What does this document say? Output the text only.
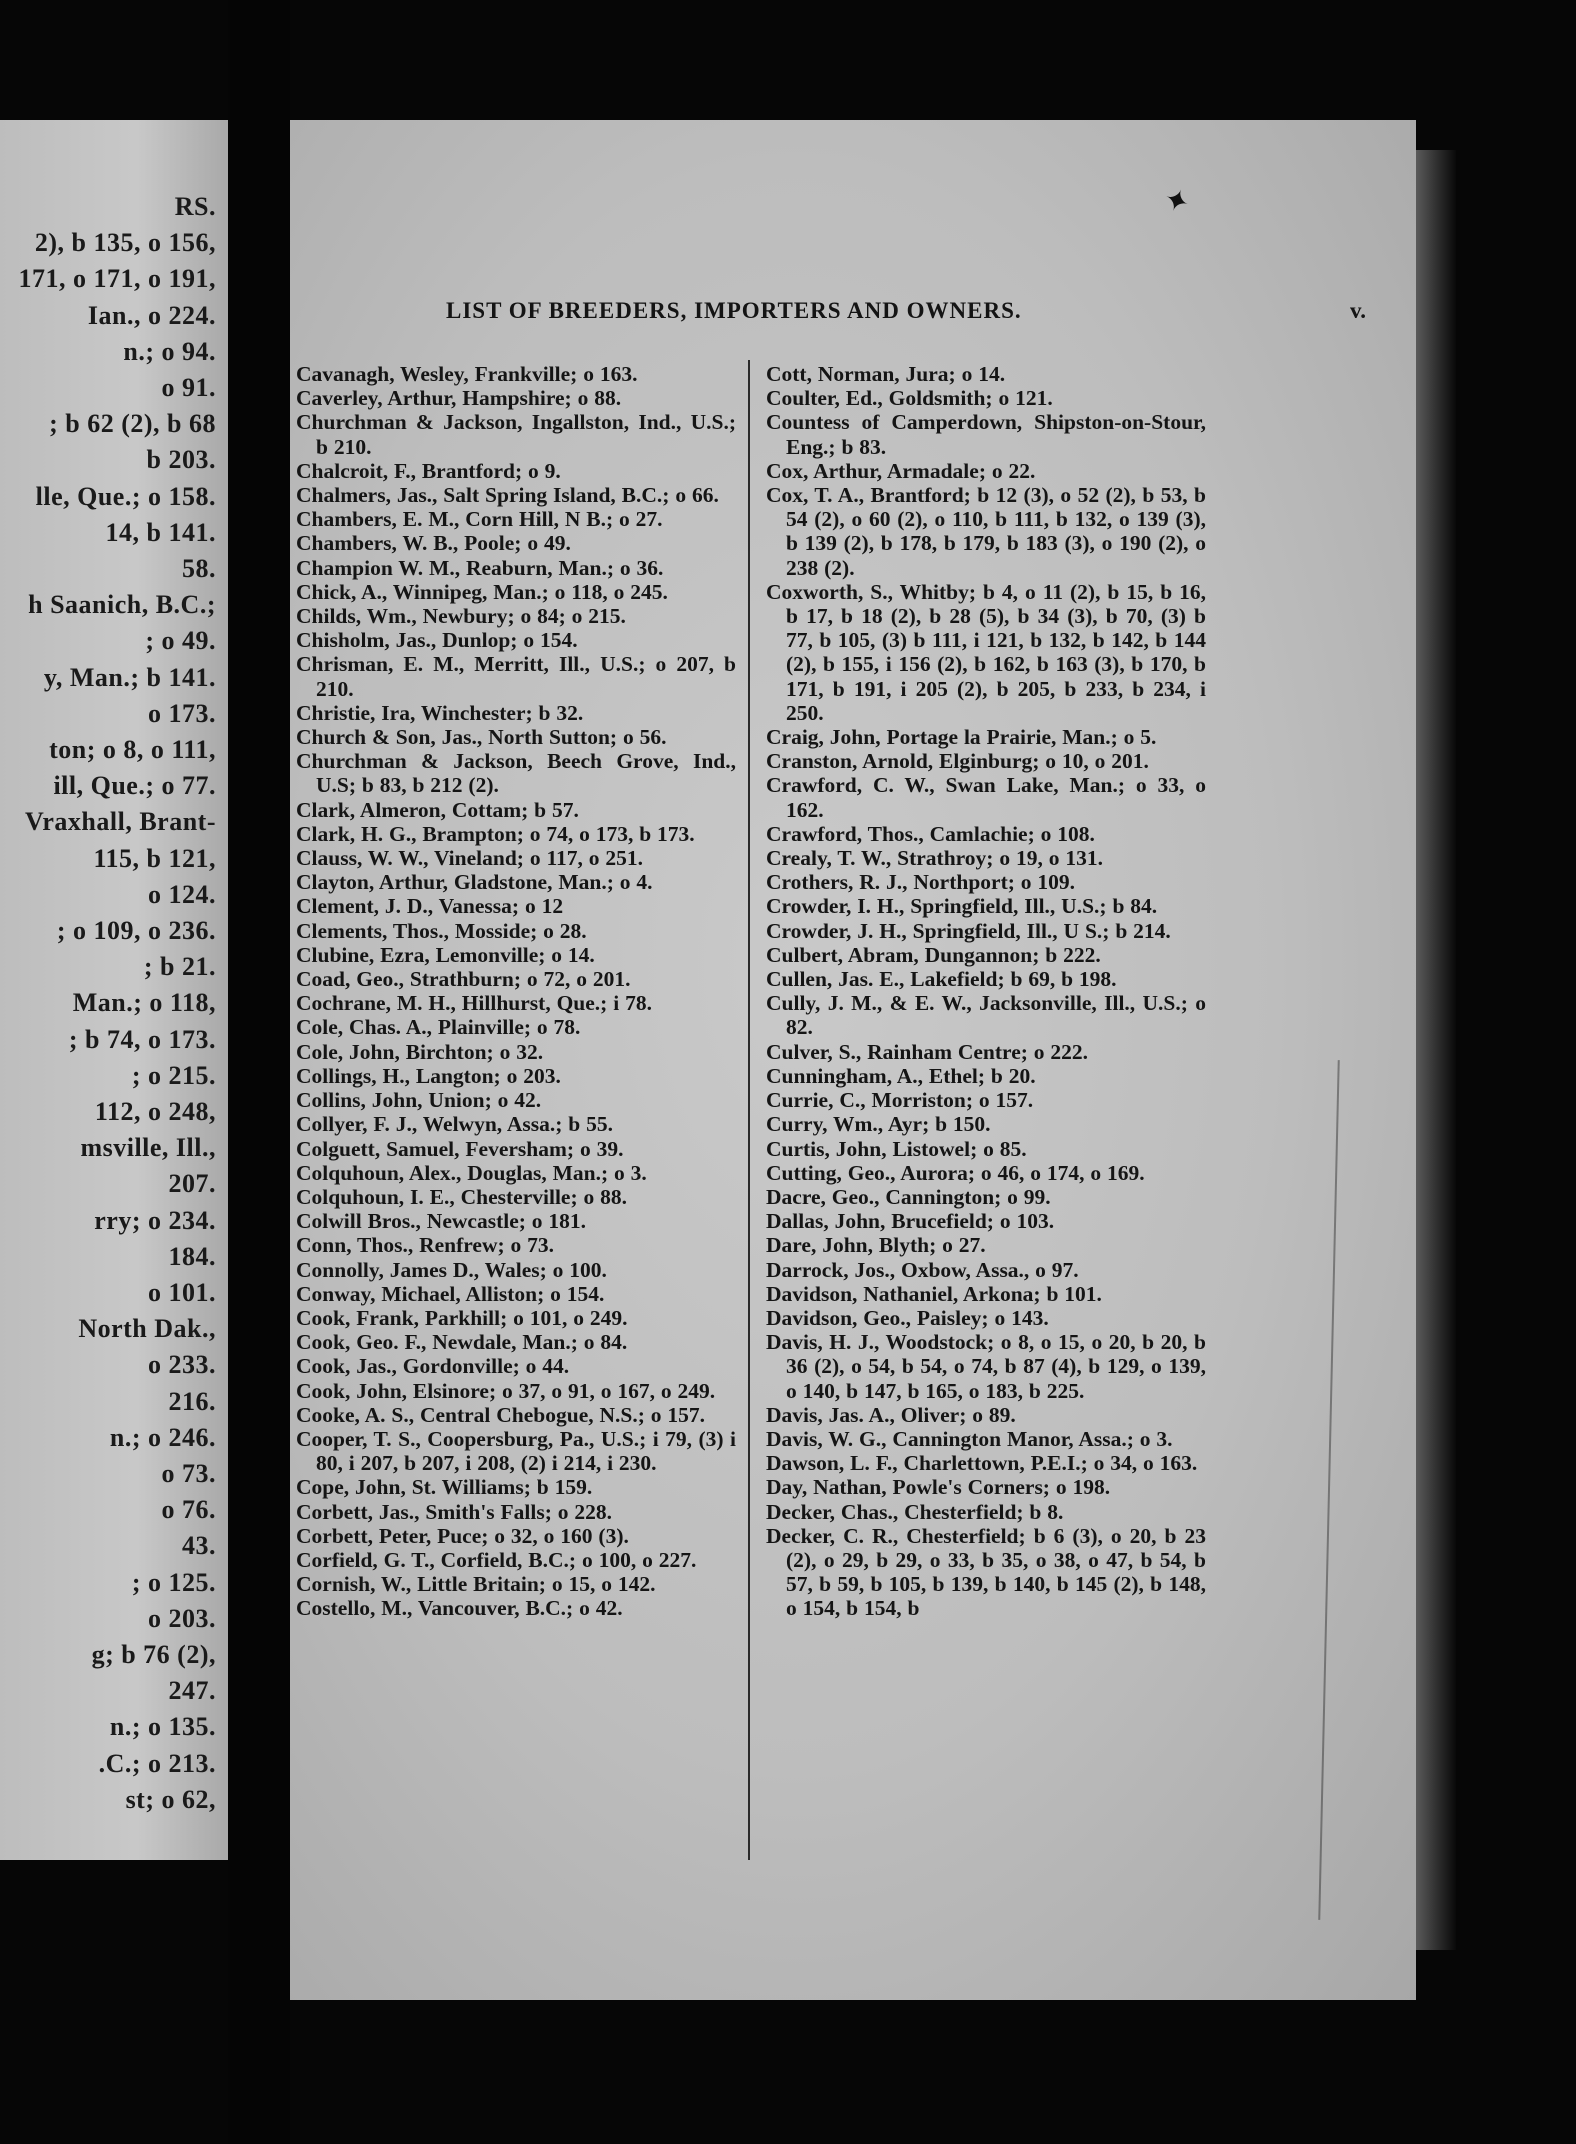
RS.
2), b 135, o 156,
171, o 171, o 191,
Ian., o 224.
n.; o 94.
o 91.
; b 62 (2), b 68
b 203.
lle, Que.; o 158.
14, b 141.
58.
h Saanich, B.C.;
; o 49.
y, Man.; b 141.
o 173.
ton; o 8, o 111,
ill, Que.; o 77.
Vraxhall, Brant-
115, b 121,
o 124.
; o 109, o 236.
; b 21.
Man.; o 118,
; b 74, o 173.
; o 215.
112, o 248,
msville, Ill.,
207.
rry; o 234.
184.
o 101.
North Dak.,
o 233.
216.
n.; o 246.
o 73.
o 76.
43.
; o 125.
o 203.
g; b 76 (2),
247.
n.; o 135.
.C.; o 213.
st; o 62,
✦
LIST OF BREEDERS, IMPORTERS AND OWNERS.	v.
Cavanagh, Wesley, Frankville; o 163.
Caverley, Arthur, Hampshire; o 88.
Churchman & Jackson, Ingallston, Ind., U.S.; b 210.
Chalcroit, F., Brantford; o 9.
Chalmers, Jas., Salt Spring Island, B.C.; o 66.
Chambers, E. M., Corn Hill, N B.; o 27.
Chambers, W. B., Poole; o 49.
Champion W. M., Reaburn, Man.; o 36.
Chick, A., Winnipeg, Man.; o 118, o 245.
Childs, Wm., Newbury; o 84; o 215.
Chisholm, Jas., Dunlop; o 154.
Chrisman, E. M., Merritt, Ill., U.S.; o 207, b 210.
Christie, Ira, Winchester; b 32.
Church & Son, Jas., North Sutton; o 56.
Churchman & Jackson, Beech Grove, Ind., U.S; b 83, b 212 (2).
Clark, Almeron, Cottam; b 57.
Clark, H. G., Brampton; o 74, o 173, b 173.
Clauss, W. W., Vineland; o 117, o 251.
Clayton, Arthur, Gladstone, Man.; o 4.
Clement, J. D., Vanessa; o 12
Clements, Thos., Mosside; o 28.
Clubine, Ezra, Lemonville; o 14.
Coad, Geo., Strathburn; o 72, o 201.
Cochrane, M. H., Hillhurst, Que.; i 78.
Cole, Chas. A., Plainville; o 78.
Cole, John, Birchton; o 32.
Collings, H., Langton; o 203.
Collins, John, Union; o 42.
Collyer, F. J., Welwyn, Assa.; b 55.
Colguett, Samuel, Feversham; o 39.
Colquhoun, Alex., Douglas, Man.; o 3.
Colquhoun, I. E., Chesterville; o 88.
Colwill Bros., Newcastle; o 181.
Conn, Thos., Renfrew; o 73.
Connolly, James D., Wales; o 100.
Conway, Michael, Alliston; o 154.
Cook, Frank, Parkhill; o 101, o 249.
Cook, Geo. F., Newdale, Man.; o 84.
Cook, Jas., Gordonville; o 44.
Cook, John, Elsinore; o 37, o 91, o 167, o 249.
Cooke, A. S., Central Chebogue, N.S.; o 157.
Cooper, T. S., Coopersburg, Pa., U.S.; i 79, (3) i 80, i 207, b 207, i 208, (2) i 214, i 230.
Cope, John, St. Williams; b 159.
Corbett, Jas., Smith's Falls; o 228.
Corbett, Peter, Puce; o 32, o 160 (3).
Corfield, G. T., Corfield, B.C.; o 100, o 227.
Cornish, W., Little Britain; o 15, o 142.
Costello, M., Vancouver, B.C.; o 42.
Cott, Norman, Jura; o 14.
Coulter, Ed., Goldsmith; o 121.
Countess of Camperdown, Shipston-on-Stour, Eng.; b 83.
Cox, Arthur, Armadale; o 22.
Cox, T. A., Brantford; b 12 (3), o 52 (2), b 53, b 54 (2), o 60 (2), o 110, b 111, b 132, o 139 (3), b 139 (2), b 178, b 179, b 183 (3), o 190 (2), o 238 (2).
Coxworth, S., Whitby; b 4, o 11 (2), b 15, b 16, b 17, b 18 (2), b 28 (5), b 34 (3), b 70, (3) b 77, b 105, (3) b 111, i 121, b 132, b 142, b 144 (2), b 155, i 156 (2), b 162, b 163 (3), b 170, b 171, b 191, i 205 (2), b 205, b 233, b 234, i 250.
Craig, John, Portage la Prairie, Man.; o 5.
Cranston, Arnold, Elginburg; o 10, o 201.
Crawford, C. W., Swan Lake, Man.; o 33, o 162.
Crawford, Thos., Camlachie; o 108.
Crealy, T. W., Strathroy; o 19, o 131.
Crothers, R. J., Northport; o 109.
Crowder, I. H., Springfield, Ill., U.S.; b 84.
Crowder, J. H., Springfield, Ill., U S.; b 214.
Culbert, Abram, Dungannon; b 222.
Cullen, Jas. E., Lakefield; b 69, b 198.
Cully, J. M., & E. W., Jacksonville, Ill., U.S.; o 82.
Culver, S., Rainham Centre; o 222.
Cunningham, A., Ethel; b 20.
Currie, C., Morriston; o 157.
Curry, Wm., Ayr; b 150.
Curtis, John, Listowel; o 85.
Cutting, Geo., Aurora; o 46, o 174, o 169.
Dacre, Geo., Cannington; o 99.
Dallas, John, Brucefield; o 103.
Dare, John, Blyth; o 27.
Darrock, Jos., Oxbow, Assa., o 97.
Davidson, Nathaniel, Arkona; b 101.
Davidson, Geo., Paisley; o 143.
Davis, H. J., Woodstock; o 8, o 15, o 20, b 20, b 36 (2), o 54, b 54, o 74, b 87 (4), b 129, o 139, o 140, b 147, b 165, o 183, b 225.
Davis, Jas. A., Oliver; o 89.
Davis, W. G., Cannington Manor, Assa.; o 3.
Dawson, L. F., Charlettown, P.E.I.; o 34, o 163.
Day, Nathan, Powle's Corners; o 198.
Decker, Chas., Chesterfield; b 8.
Decker, C. R., Chesterfield; b 6 (3), o 20, b 23 (2), o 29, b 29, o 33, b 35, o 38, o 47, b 54, b 57, b 59, b 105, b 139, b 140, b 145 (2), b 148, o 154, b 154, b
